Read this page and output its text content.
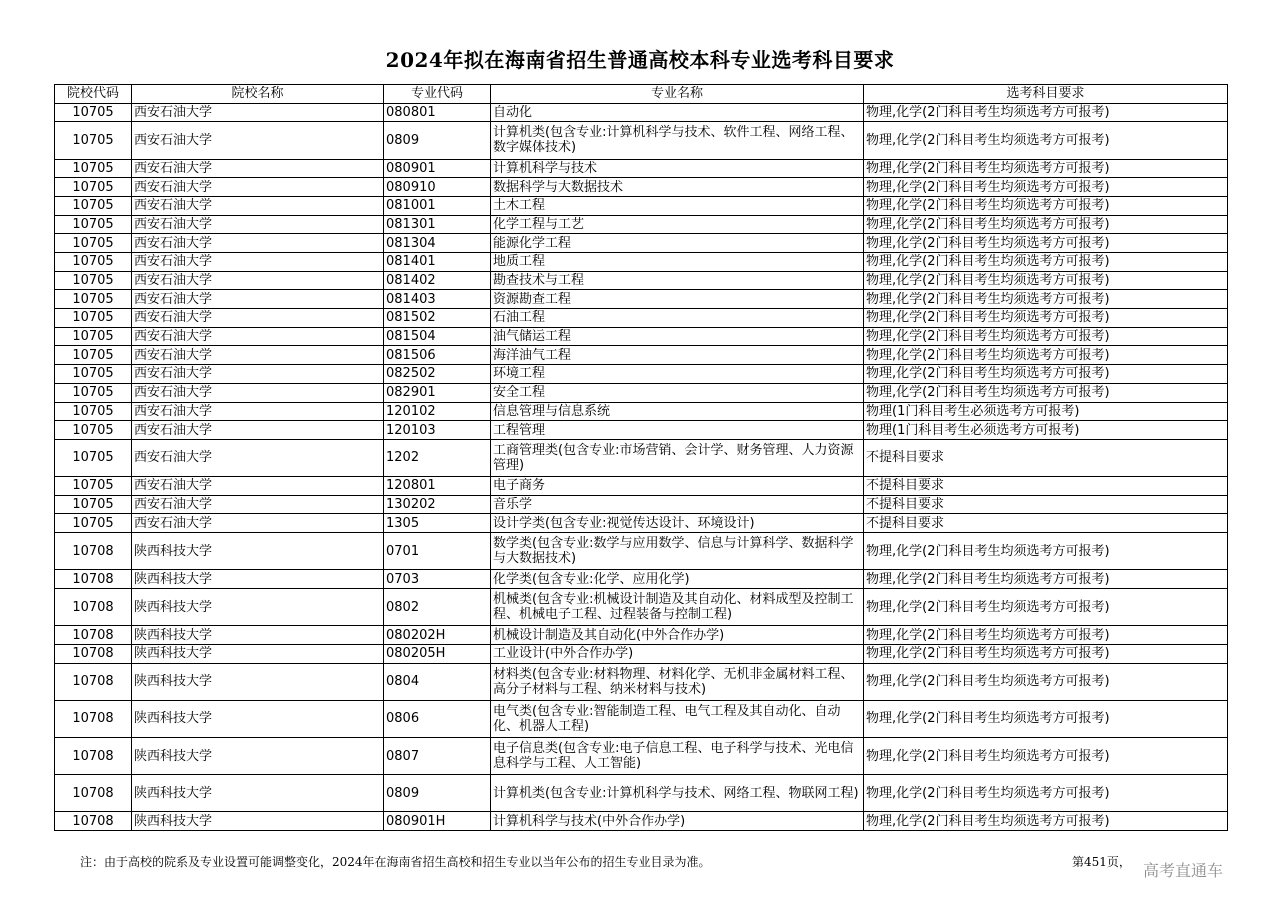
2024年拟在海南省招生普通高校本科专业选考科目要求
院校代码	院校名称	专业代码	专业名称	选考科目要求
10705	西安石油大学	080801	自动化	物理,化学(2门科目考生均须选考方可报考)
10705	西安石油大学	0809	计算机类(包含专业:计算机科学与技术、软件工程、网络工程、数字媒体技术)	物理,化学(2门科目考生均须选考方可报考)
10705	西安石油大学	080901	计算机科学与技术	物理,化学(2门科目考生均须选考方可报考)
10705	西安石油大学	080910	数据科学与大数据技术	物理,化学(2门科目考生均须选考方可报考)
10705	西安石油大学	081001	土木工程	物理,化学(2门科目考生均须选考方可报考)
10705	西安石油大学	081301	化学工程与工艺	物理,化学(2门科目考生均须选考方可报考)
10705	西安石油大学	081304	能源化学工程	物理,化学(2门科目考生均须选考方可报考)
10705	西安石油大学	081401	地质工程	物理,化学(2门科目考生均须选考方可报考)
10705	西安石油大学	081402	勘查技术与工程	物理,化学(2门科目考生均须选考方可报考)
10705	西安石油大学	081403	资源勘查工程	物理,化学(2门科目考生均须选考方可报考)
10705	西安石油大学	081502	石油工程	物理,化学(2门科目考生均须选考方可报考)
10705	西安石油大学	081504	油气储运工程	物理,化学(2门科目考生均须选考方可报考)
10705	西安石油大学	081506	海洋油气工程	物理,化学(2门科目考生均须选考方可报考)
10705	西安石油大学	082502	环境工程	物理,化学(2门科目考生均须选考方可报考)
10705	西安石油大学	082901	安全工程	物理,化学(2门科目考生均须选考方可报考)
10705	西安石油大学	120102	信息管理与信息系统	物理(1门科目考生必须选考方可报考)
10705	西安石油大学	120103	工程管理	物理(1门科目考生必须选考方可报考)
10705	西安石油大学	1202	工商管理类(包含专业:市场营销、会计学、财务管理、人力资源管理)	不提科目要求
10705	西安石油大学	120801	电子商务	不提科目要求
10705	西安石油大学	130202	音乐学	不提科目要求
10705	西安石油大学	1305	设计学类(包含专业:视觉传达设计、环境设计)	不提科目要求
10708	陕西科技大学	0701	数学类(包含专业:数学与应用数学、信息与计算科学、数据科学与大数据技术)	物理,化学(2门科目考生均须选考方可报考)
10708	陕西科技大学	0703	化学类(包含专业:化学、应用化学)	物理,化学(2门科目考生均须选考方可报考)
10708	陕西科技大学	0802	机械类(包含专业:机械设计制造及其自动化、材料成型及控制工程、机械电子工程、过程装备与控制工程)	物理,化学(2门科目考生均须选考方可报考)
10708	陕西科技大学	080202H	机械设计制造及其自动化(中外合作办学)	物理,化学(2门科目考生均须选考方可报考)
10708	陕西科技大学	080205H	工业设计(中外合作办学)	物理,化学(2门科目考生均须选考方可报考)
10708	陕西科技大学	0804	材料类(包含专业:材料物理、材料化学、无机非金属材料工程、高分子材料与工程、纳米材料与技术)	物理,化学(2门科目考生均须选考方可报考)
10708	陕西科技大学	0806	电气类(包含专业:智能制造工程、电气工程及其自动化、自动化、机器人工程)	物理,化学(2门科目考生均须选考方可报考)
10708	陕西科技大学	0807	电子信息类(包含专业:电子信息工程、电子科学与技术、光电信息科学与工程、人工智能)	物理,化学(2门科目考生均须选考方可报考)
10708	陕西科技大学	0809	计算机类(包含专业:计算机科学与技术、网络工程、物联网工程)	物理,化学(2门科目考生均须选考方可报考)
10708	陕西科技大学	080901H	计算机科学与技术(中外合作办学)	物理,化学(2门科目考生均须选考方可报考)
注：由于高校的院系及专业设置可能调整变化，2024年在海南省招生高校和招生专业以当年公布的招生专业目录为准。	第451页， 高考直通车
